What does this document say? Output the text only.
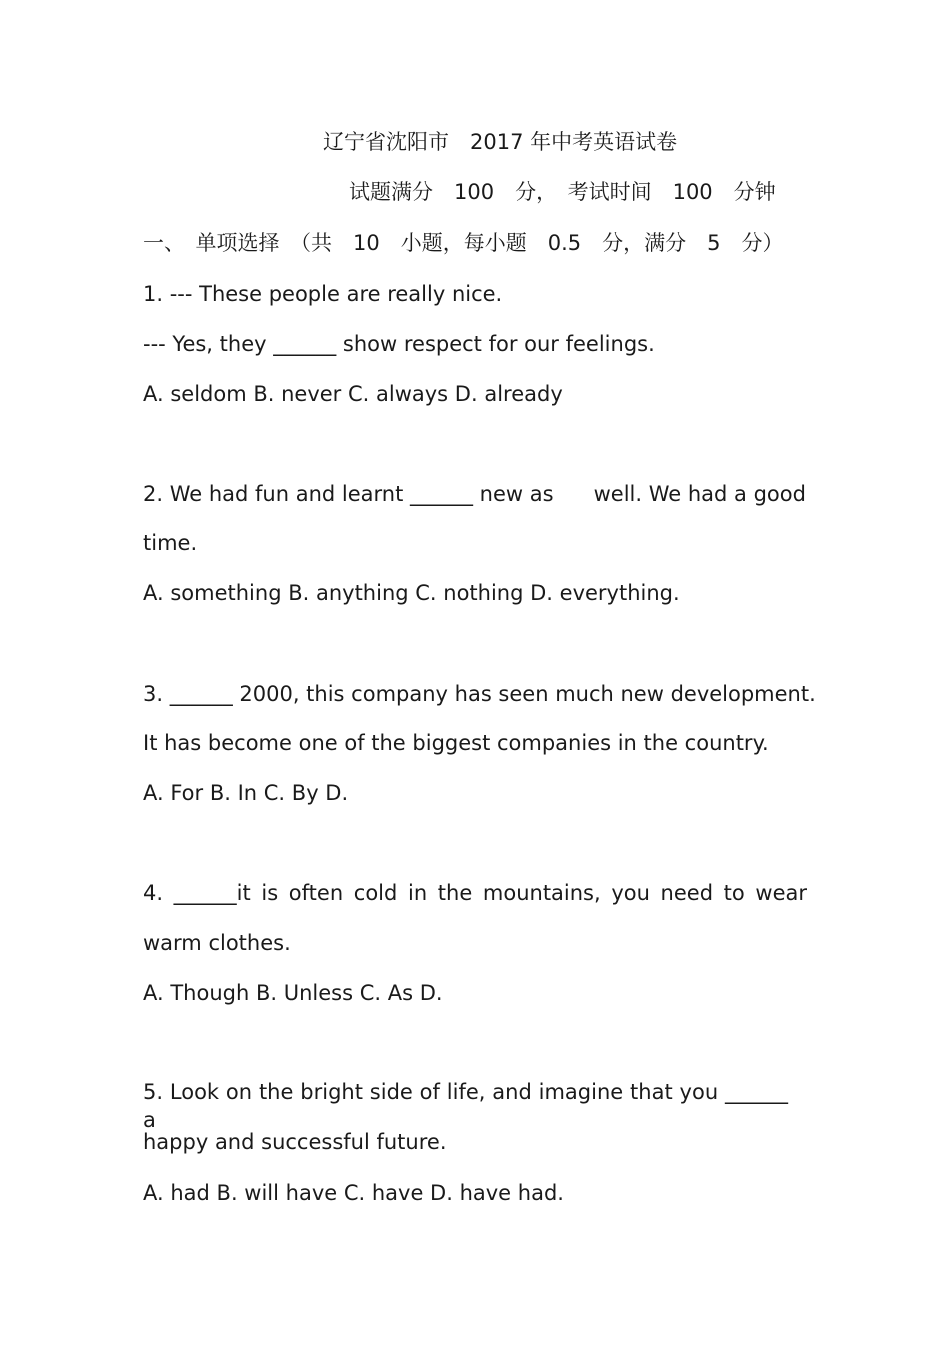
辽宁省沈阳市　2017 年中考英语试卷
试题满分　100　分，　考试时间　100　分钟
一、　单项选择　（共　10　小题，每小题　0.5　分，满分　5　分）
1. --- These people are really nice.
--- Yes, they ______ show respect for our feelings.
A. seldom B. never C. always D. already
2. We had fun and learnt ______ new as      well. We had a good
time.
A. something B. anything C. nothing D. everything.
3. ______ 2000, this company has seen much new development.
It has become one of the biggest companies in the country.
A. For B. In C. By D.
4. ______it is often cold in the mountains, you need to wear
warm clothes.
A. Though B. Unless C. As D.
5. Look on the bright side of life, and imagine that you ______ a
happy and successful future.
A. had B. will have C. have D. have had.
